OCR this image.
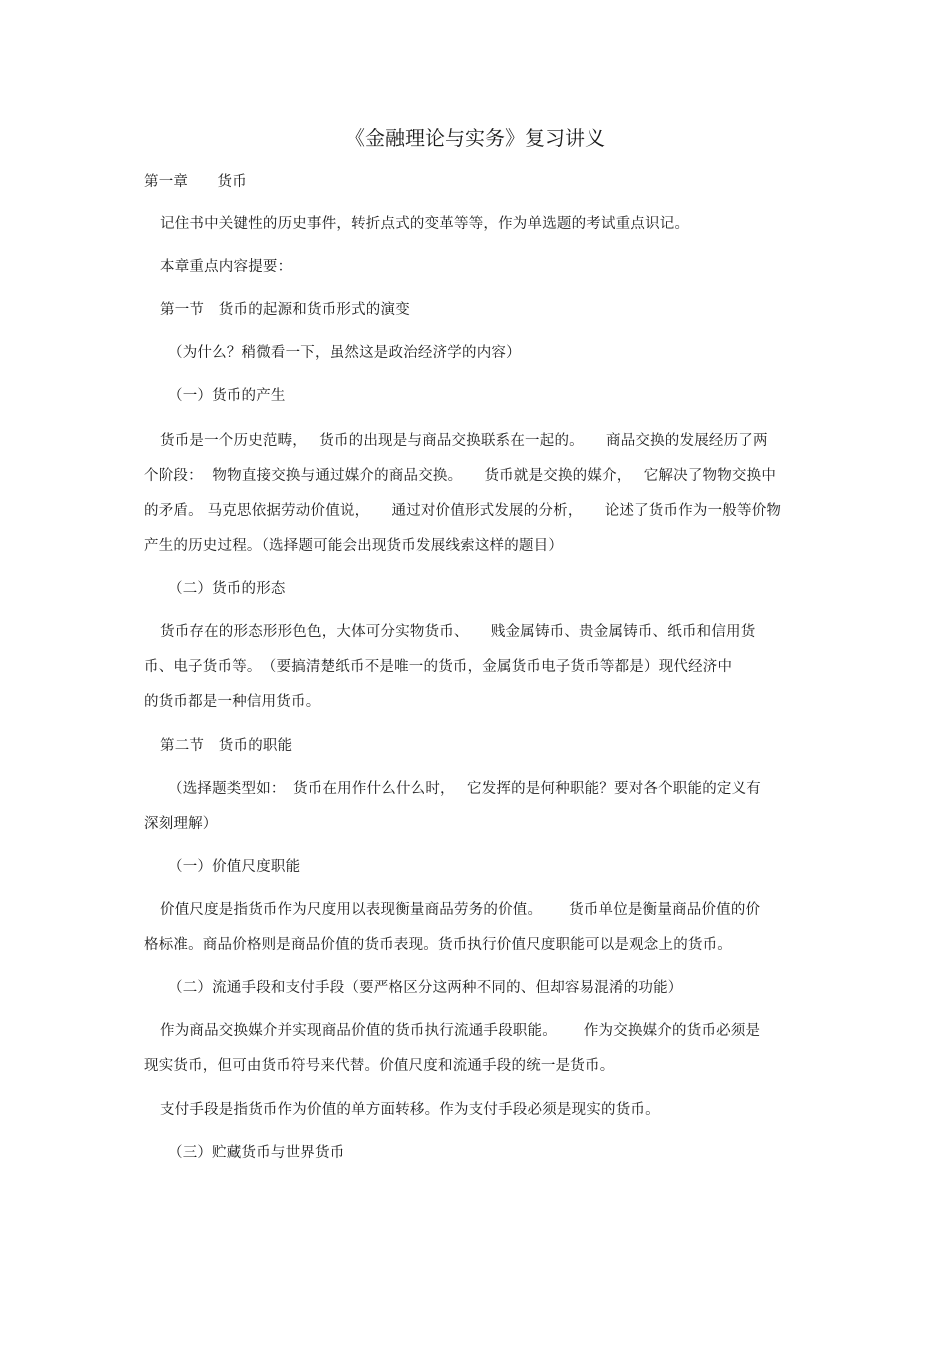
《金融理论与实务》复习讲义
第一章　　货币
记住书中关键性的历史事件，转折点式的变革等等，作为单选题的考试重点识记。
本章重点内容提要：
第一节　货币的起源和货币形式的演变
（为什么？稍微看一下，虽然这是政治经济学的内容）
（一）货币的产生
货币是一个历史范畴，　 货币的出现是与商品交换联系在一起的。　　商品交换的发展经历了两
个阶段：  物物直接交换与通过媒介的商品交换。　　货币就是交换的媒介，　 它解决了物物交换中
的矛盾。 马克思依据劳动价值说，　　通过对价值形式发展的分析，　　论述了货币作为一般等价物
产生的历史过程。（选择题可能会出现货币发展线索这样的题目）
（二）货币的形态
货币存在的形态形形色色，大体可分实物货币、　　贱金属铸币、贵金属铸币、纸币和信用货
币、电子货币等。　（要搞清楚纸币不是唯一的货币，金属货币电子货币等都是）现代经济中
的货币都是一种信用货币。
第二节　货币的职能
（选择题类型如：　货币在用作什么什么时，　 它发挥的是何种职能？要对各个职能的定义有
深刻理解）
（一）价值尺度职能
价值尺度是指货币作为尺度用以表现衡量商品劳务的价值。　　 货币单位是衡量商品价值的价
格标准。商品价格则是商品价值的货币表现。货币执行价值尺度职能可以是观念上的货币。
（二）流通手段和支付手段（要严格区分这两种不同的、但却容易混淆的功能）
作为商品交换媒介并实现商品价值的货币执行流通手段职能。　　 作为交换媒介的货币必须是
现实货币，但可由货币符号来代替。价值尺度和流通手段的统一是货币。
支付手段是指货币作为价值的单方面转移。作为支付手段必须是现实的货币。
（三）贮藏货币与世界货币
